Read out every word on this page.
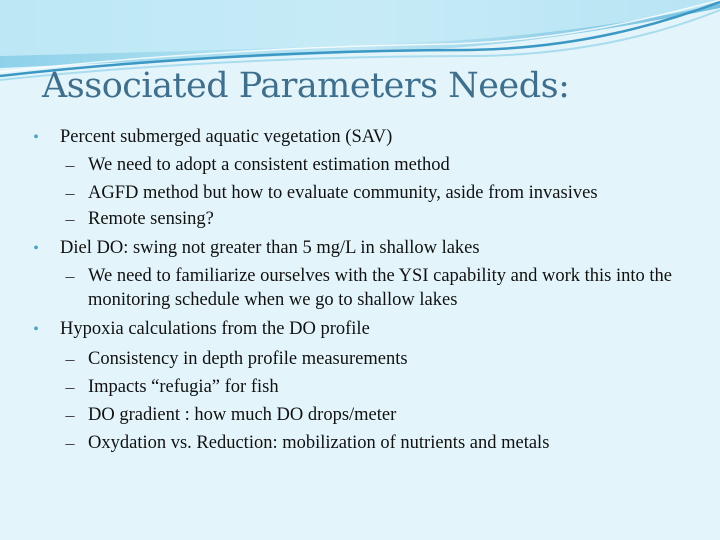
Associated Parameters Needs:
•	Percent submerged aquatic vegetation (SAV)
– We need to adopt a consistent estimation method
– AGFD method but how to evaluate community, aside from invasives
– Remote sensing?
•	Diel DO: swing not greater than 5 mg/L in shallow lakes
– We need to familiarize ourselves with the YSI capability and work this into the monitoring schedule when we go to shallow lakes
•	Hypoxia calculations from the DO profile
– Consistency in depth profile measurements
– Impacts “refugia” for fish
– DO gradient : how much DO drops/meter
– Oxydation vs. Reduction: mobilization of nutrients and metals
